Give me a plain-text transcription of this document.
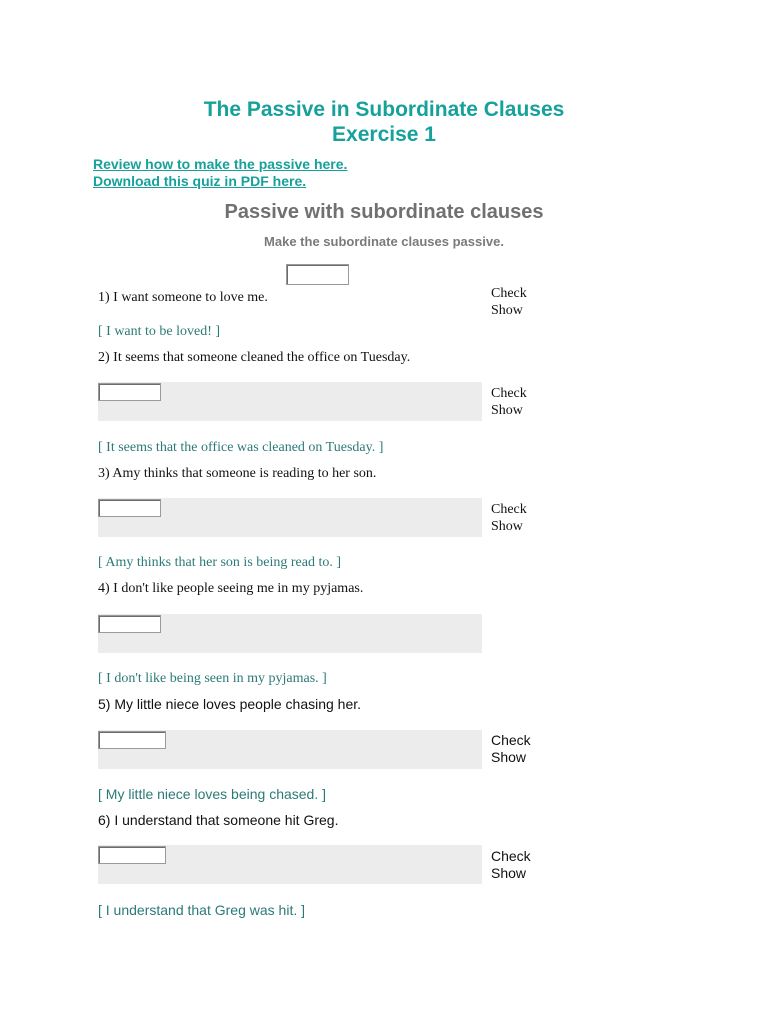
The Passive in Subordinate Clauses
Exercise 1
Review how to make the passive here.
Download this quiz in PDF here.
Passive with subordinate clauses
Make the subordinate clauses passive.
1) I want someone to love me.	Check
Show
[ I want to be loved! ]
2) It seems that someone cleaned the office on Tuesday.
Check
Show
[ It seems that the office was cleaned on Tuesday. ]
3) Amy thinks that someone is reading to her son.
Check
Show
[ Amy thinks that her son is being read to. ]
4) I don't like people seeing me in my pyjamas.
[ I don't like being seen in my pyjamas. ]
5) My little niece loves people chasing her.
Check
Show
[ My little niece loves being chased. ]
6) I understand that someone hit Greg.
Check
Show
[ I understand that Greg was hit. ]
